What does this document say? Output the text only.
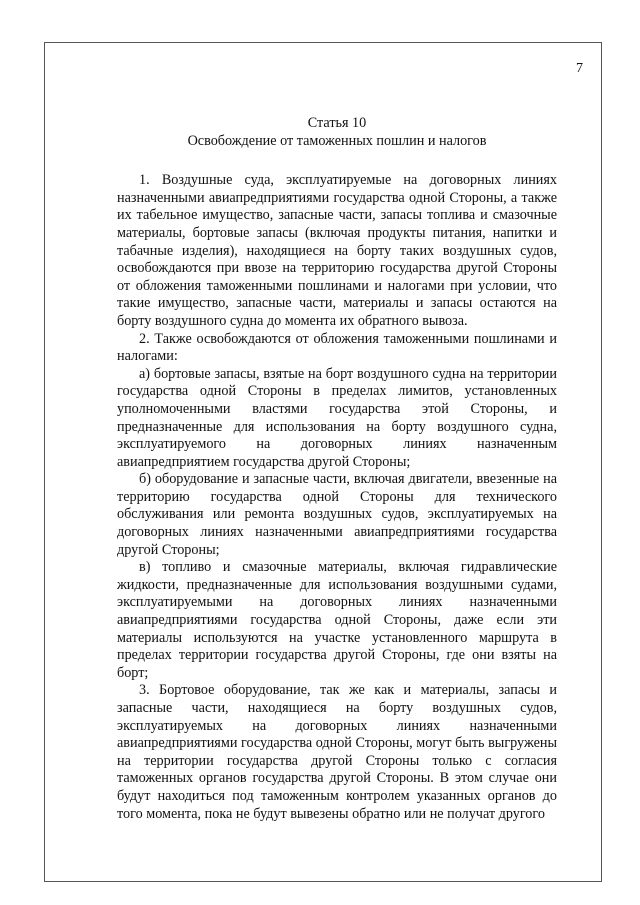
7

Статья 10

Освобождение от таможенных пошлин и налогов

1. Воздушные суда, эксплуатируемые на договорных линиях назначенными авиапредприятиями государства одной Стороны, а также их табельное имущество, запасные части, запасы топлива и смазочные материалы, бортовые запасы (включая продукты питания, напитки и табачные изделия), находящиеся на борту таких воздушных судов, освобождаются при ввозе на территорию государства другой Стороны от обложения таможенными пошлинами и налогами при условии, что такие имущество, запасные части, материалы и запасы остаются на борту воздушного судна до момента их обратного вывоза.

2. Также освобождаются от обложения таможенными пошлинами и налогами:

а) бортовые запасы, взятые на борт воздушного судна на территории государства одной Стороны в пределах лимитов, установленных уполномоченными властями государства этой Стороны, и предназначенные для использования на борту воздушного судна, эксплуатируемого на договорных линиях назначенным авиапредприятием государства другой Стороны;

б) оборудование и запасные части, включая двигатели, ввезенные на территорию государства одной Стороны для технического обслуживания или ремонта воздушных судов, эксплуатируемых на договорных линиях назначенными авиапредприятиями государства другой Стороны;

в) топливо и смазочные материалы, включая гидравлические жидкости, предназначенные для использования воздушными судами, эксплуатируемыми на договорных линиях назначенными авиапредприятиями государства одной Стороны, даже если эти материалы используются на участке установленного маршрута в пределах территории государства другой Стороны, где они взяты на борт;

3. Бортовое оборудование, так же как и материалы, запасы и запасные части, находящиеся на борту воздушных судов, эксплуатируемых на договорных линиях назначенными авиапредприятиями государства одной Стороны, могут быть выгружены на территории государства другой Стороны только с согласия таможенных органов государства другой Стороны. В этом случае они будут находиться под таможенным контролем указанных органов до того момента, пока не будут вывезены обратно или не получат другого
